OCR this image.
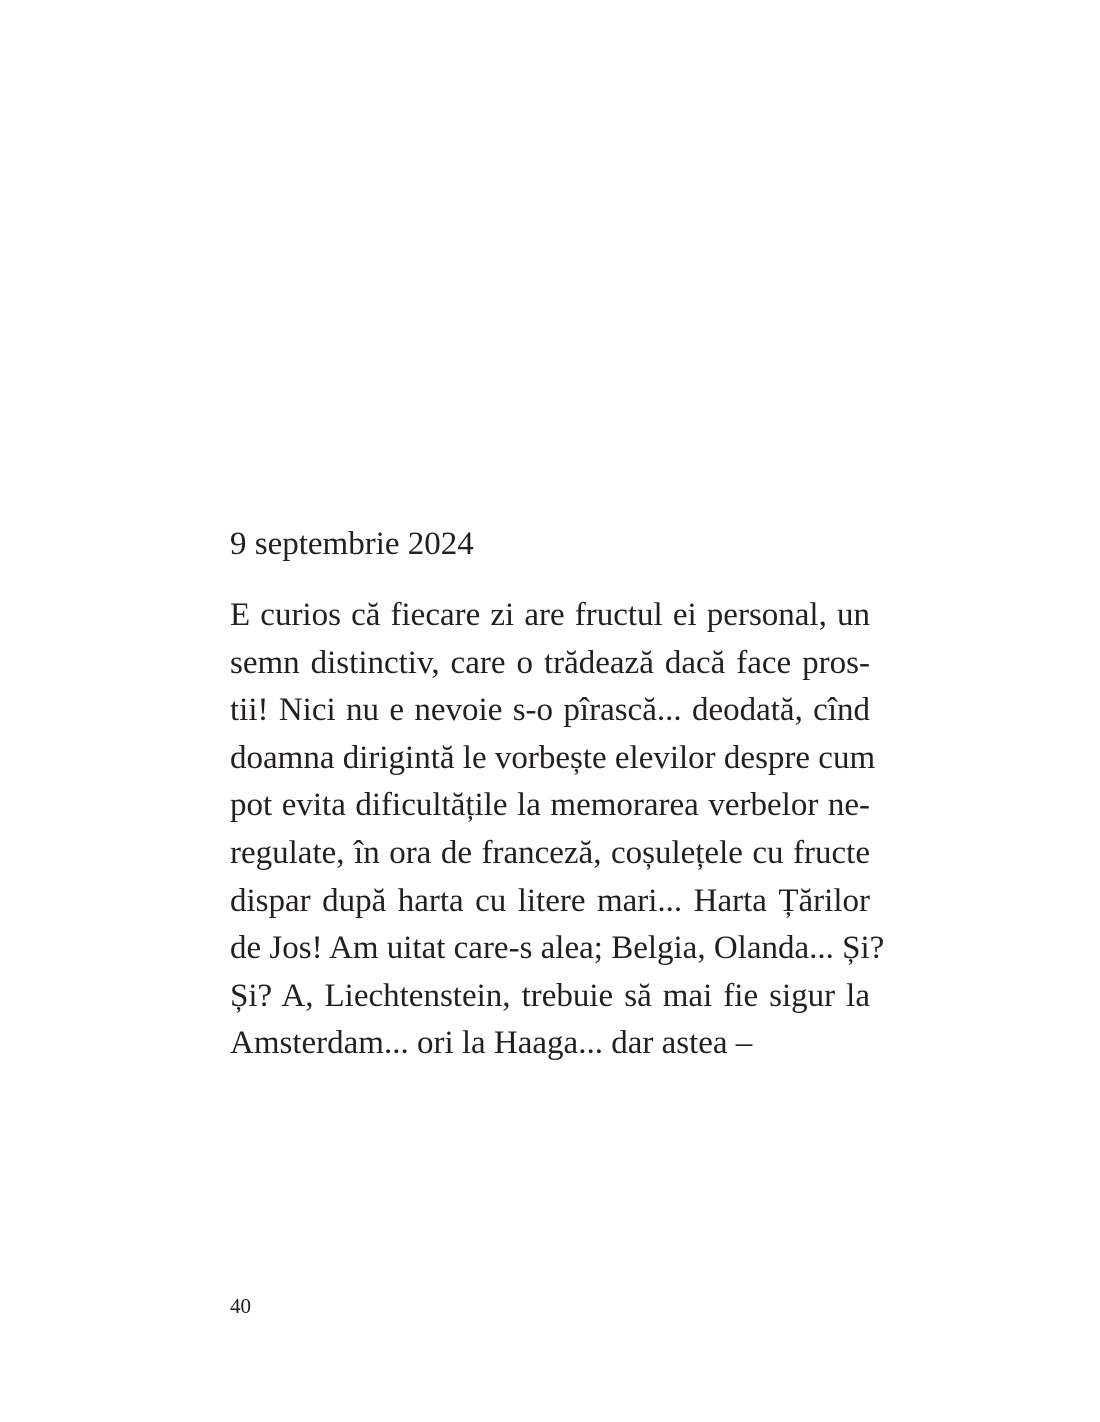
9 septembrie 2024
E curios că fiecare zi are fructul ei personal, un
semn distinctiv, care o trădează dacă face pros-
tii! Nici nu e nevoie s-o pîrască... deodată, cînd
doamna dirigintă le vorbește elevilor despre cum
pot evita dificultățile la memorarea verbelor ne-
regulate, în ora de franceză, coșulețele cu fructe
dispar după harta cu litere mari... Harta Țărilor
de Jos! Am uitat care-s alea; Belgia, Olanda... Și?
Și? A, Liechtenstein, trebuie să mai fie sigur la
Amsterdam... ori la Haaga... dar astea –
40
